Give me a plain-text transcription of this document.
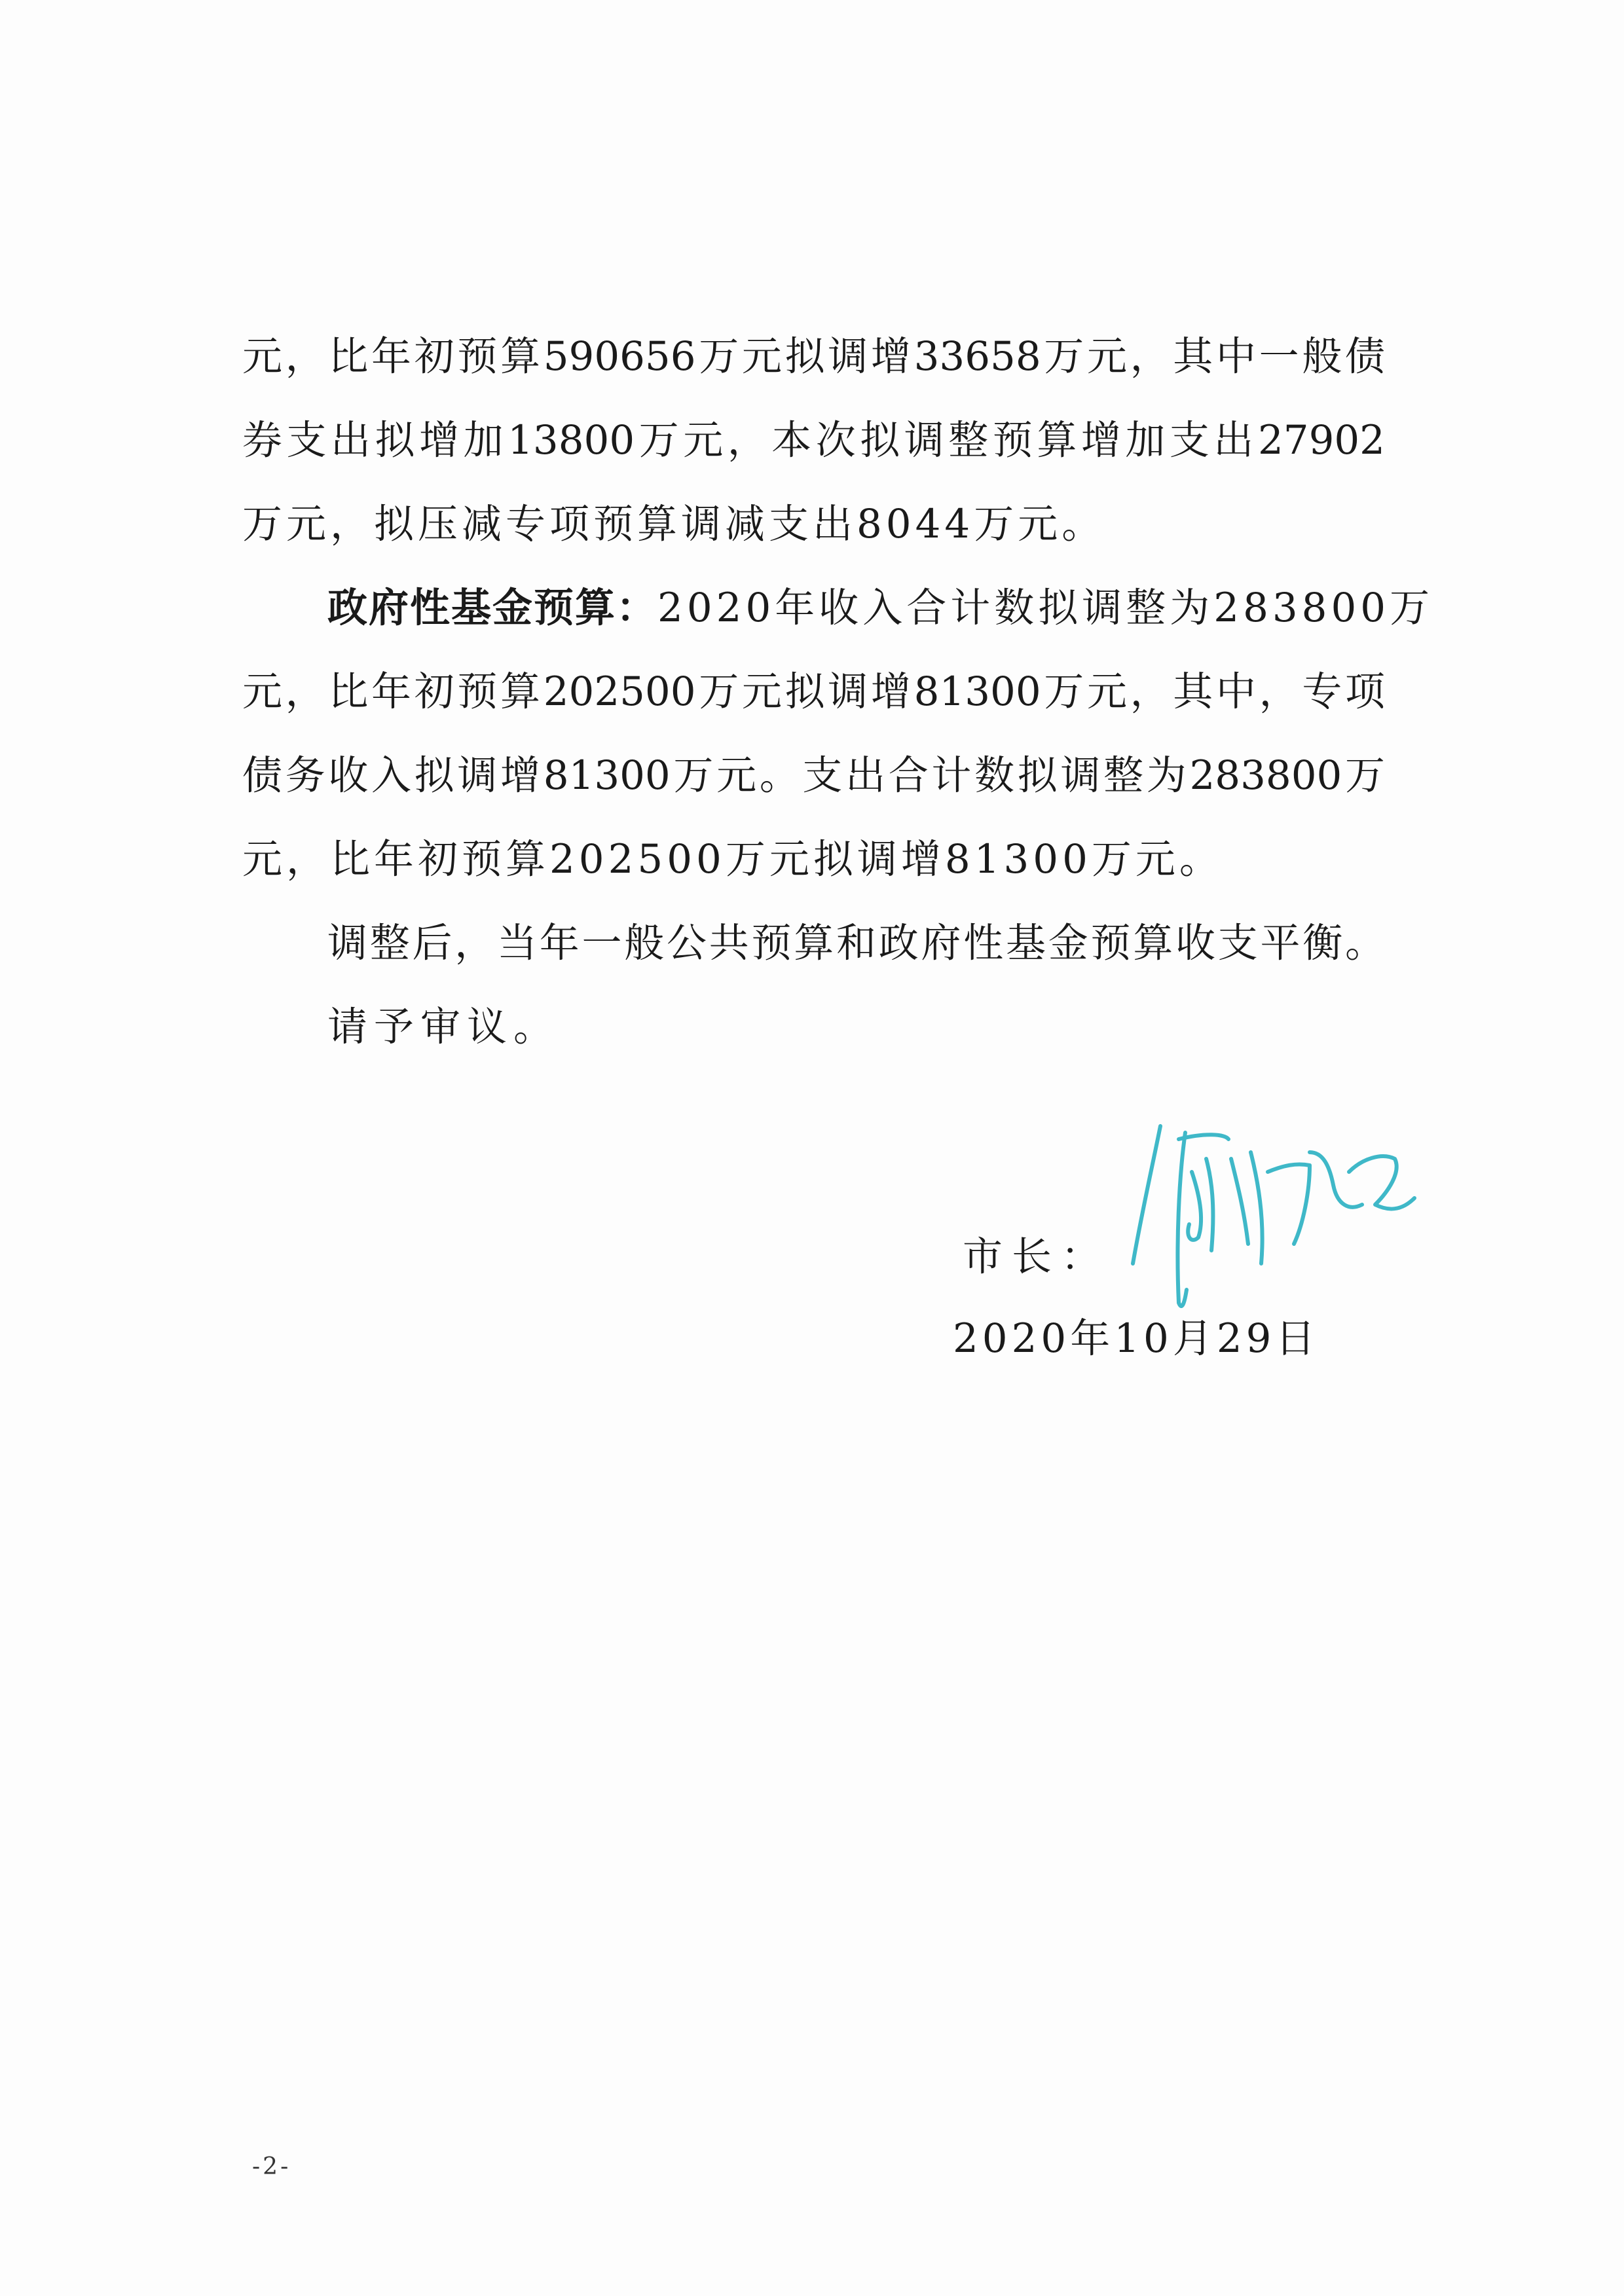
元，比年初预算590656万元拟调增33658万元，其中一般债
券支出拟增加13800万元，本次拟调整预算增加支出27902
万元，拟压减专项预算调减支出8044万元。
政府性基金预算： 2020年收入合计数拟调整为283800万
元，比年初预算202500万元拟调增81300万元，其中，专项
债务收入拟调增81300万元。支出合计数拟调整为283800万
元，比年初预算202500万元拟调增81300万元。
调整后，当年一般公共预算和政府性基金预算收支平衡。
请予审议。
市长：
2020年10月29日
-2-
